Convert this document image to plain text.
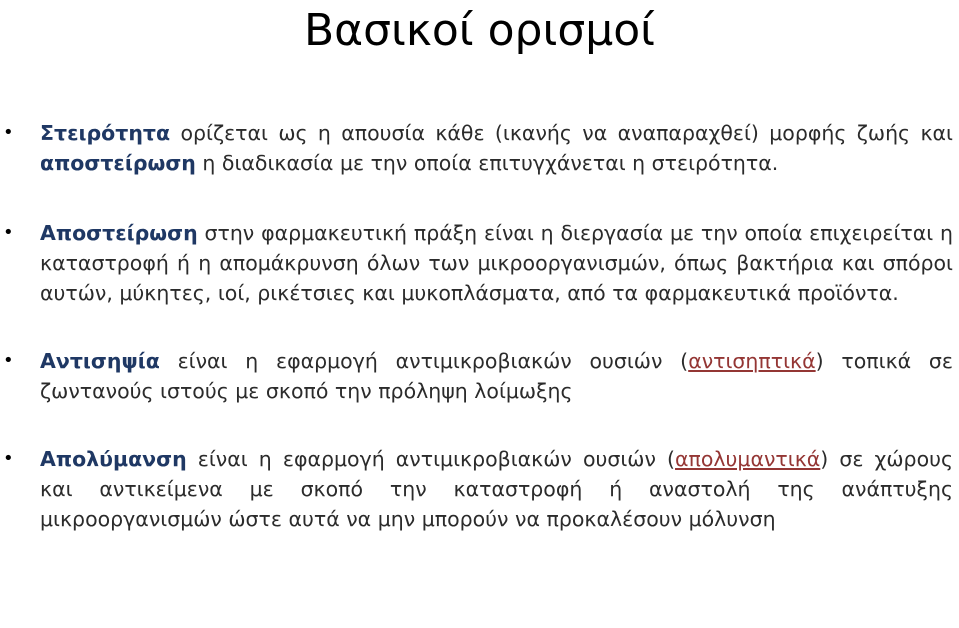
Βασικοί ορισμοί
• Στειρότητα ορίζεται ως η απουσία κάθε (ικανής να αναπαραχθεί) μορφής ζωής και αποστείρωση η διαδικασία με την οποία επιτυγχάνεται η στειρότητα.
• Αποστείρωση στην φαρμακευτική πράξη είναι η διεργασία με την οποία επιχειρείται η καταστροφή ή η απομάκρυνση όλων των μικροοργανισμών, όπως βακτήρια και σπόροι αυτών, μύκητες, ιοί, ρικέτσιες και μυκοπλάσματα, από τα φαρμακευτικά προϊόντα.
• Αντισηψία είναι η εφαρμογή αντιμικροβιακών ουσιών (αντισηπτικά) τοπικά σε ζωντανούς ιστούς με σκοπό την πρόληψη λοίμωξης
• Απολύμανση είναι η εφαρμογή αντιμικροβιακών ουσιών (απολυμαντικά) σε χώρους και αντικείμενα με σκοπό την καταστροφή ή αναστολή της ανάπτυξης μικροοργανισμών ώστε αυτά να μην μπορούν να προκαλέσουν μόλυνση
